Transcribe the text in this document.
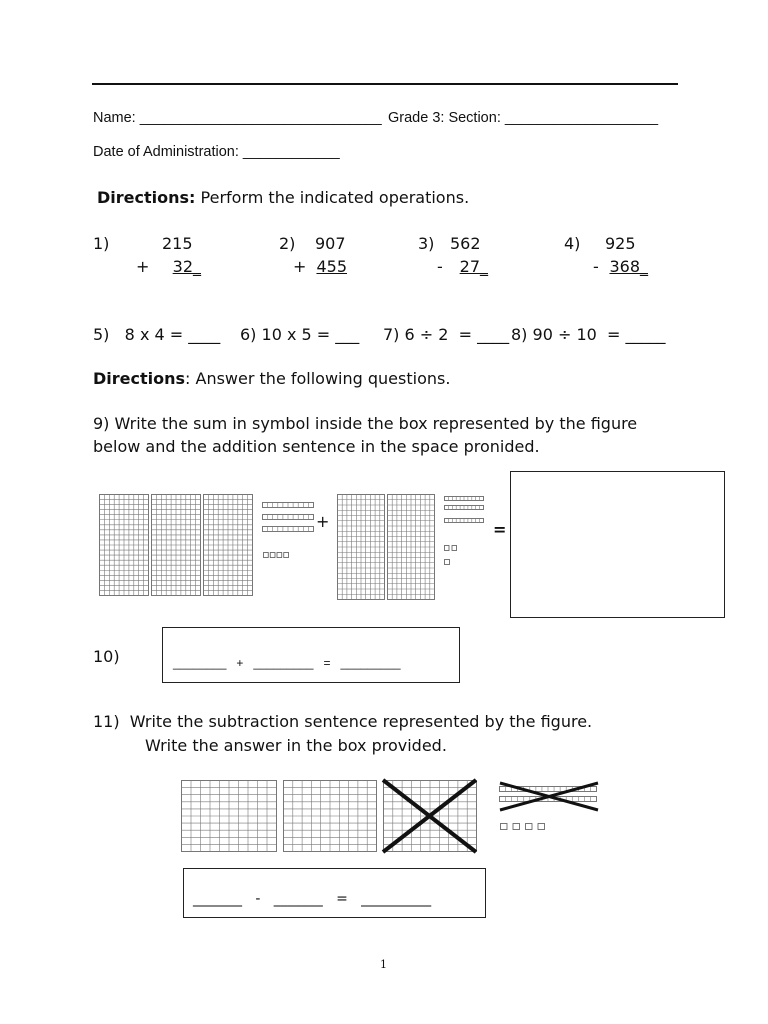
Name: ______________________________ Grade 3: Section: ___________________
Date of Administration: ____________
Directions: Perform the indicated operations.
1)	215
+	32_
2) 907
+ 455
3) 562
-	27_
4) 925
- 368_
5)   8 x 4 = ____ 6) 10 x 5 = ___ 7) 6 ÷ 2  = ____ 8) 90 ÷ 10  = _____
Directions: Answer the following questions.
9) Write the sum in symbol inside the box represented by the figure
below and the addition sentence in the space pronided.
+	=
10)	________   +   _________   =   _________
11)  Write the subtraction sentence represented by the figure.
Write the answer in the box provided.
_______   -   _______   =   __________
1
